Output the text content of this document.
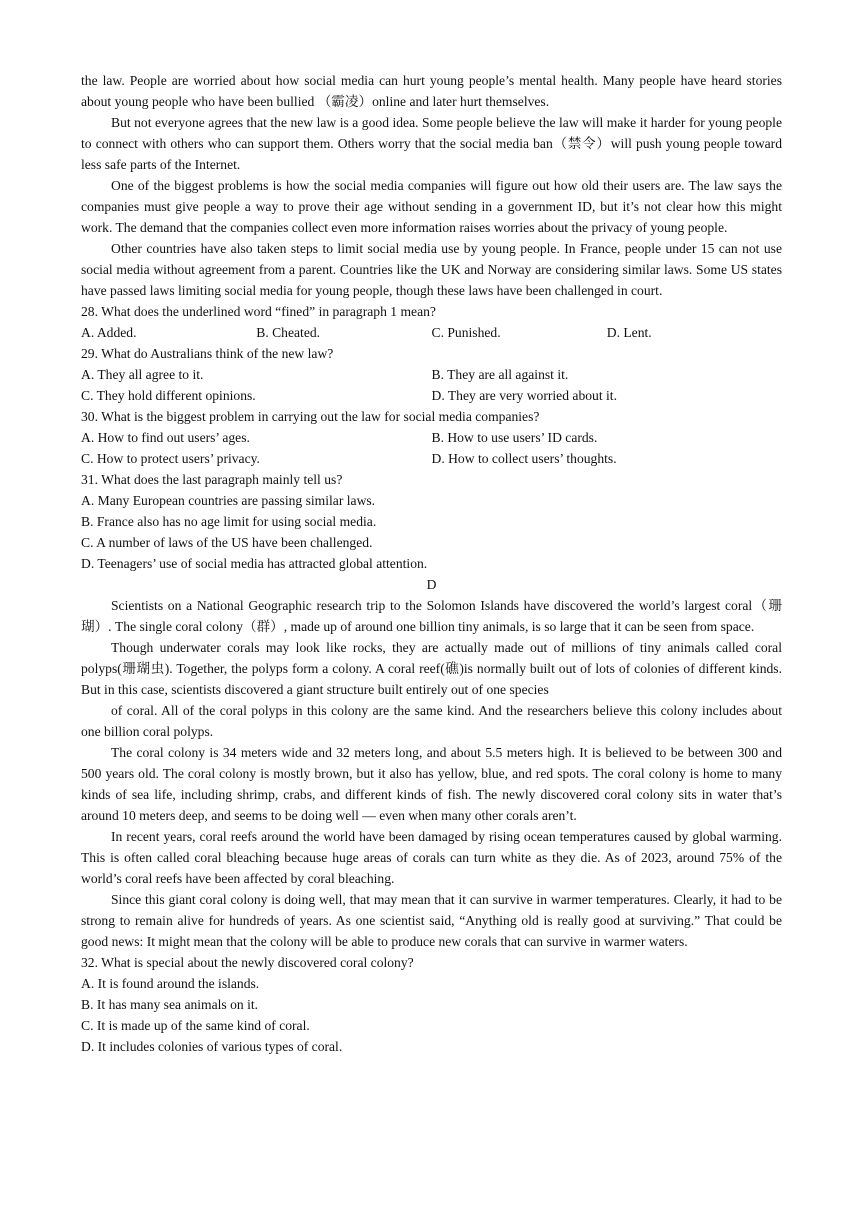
the law. People are worried about how social media can hurt young people’s mental health. Many people have heard stories about young people who have been bullied （霸凌）online and later hurt themselves.

But not everyone agrees that the new law is a good idea. Some people believe the law will make it harder for young people to connect with others who can support them. Others worry that the social media ban（禁令）will push young people toward less safe parts of the Internet.

One of the biggest problems is how the social media companies will figure out how old their users are. The law says the companies must give people a way to prove their age without sending in a government ID, but it’s not clear how this might work. The demand that the companies collect even more information raises worries about the privacy of young people.

Other countries have also taken steps to limit social media use by young people. In France, people under 15 can not use social media without agreement from a parent. Countries like the UK and Norway are considering similar laws. Some US states have passed laws limiting social media for young people, though these laws have been challenged in court.

28. What does the underlined word “fined” in paragraph 1 mean?

A. Added.	B. Cheated.	C. Punished.	D. Lent.

29. What do Australians think of the new law?

A. They all agree to it.	B. They are all against it.
C. They hold different opinions.	D. They are very worried about it.

30. What is the biggest problem in carrying out the law for social media companies?

A. How to find out users’ ages.	B. How to use users’ ID cards.
C. How to protect users’ privacy.	D. How to collect users’ thoughts.

31. What does the last paragraph mainly tell us?

A. Many European countries are passing similar laws.

B. France also has no age limit for using social media.

C. A number of laws of the US have been challenged.

D. Teenagers’ use of social media has attracted global attention.

D

Scientists on a National Geographic research trip to the Solomon Islands have discovered the world’s largest coral（珊瑚）. The single coral colony（群）, made up of around one billion tiny animals, is so large that it can be seen from space.

Though underwater corals may look like rocks, they are actually made out of millions of tiny animals called coral polyps(珊瑚虫). Together, the polyps form a colony. A coral reef(礁)is normally built out of lots of colonies of different kinds. But in this case, scientists discovered a giant structure built entirely out of one species

of coral. All of the coral polyps in this colony are the same kind. And the researchers believe this colony includes about one billion coral polyps.

The coral colony is 34 meters wide and 32 meters long, and about 5.5 meters high. It is believed to be between 300 and 500 years old. The coral colony is mostly brown, but it also has yellow, blue, and red spots. The coral colony is home to many kinds of sea life, including shrimp, crabs, and different kinds of fish. The newly discovered coral colony sits in water that’s around 10 meters deep, and seems to be doing well — even when many other corals aren’t.

In recent years, coral reefs around the world have been damaged by rising ocean temperatures caused by global warming. This is often called coral bleaching because huge areas of corals can turn white as they die. As of 2023, around 75% of the world’s coral reefs have been affected by coral bleaching.

Since this giant coral colony is doing well, that may mean that it can survive in warmer temperatures. Clearly, it had to be strong to remain alive for hundreds of years. As one scientist said, “Anything old is really good at surviving.” That could be good news: It might mean that the colony will be able to produce new corals that can survive in warmer waters.

32. What is special about the newly discovered coral colony?

A. It is found around the islands.

B. It has many sea animals on it.

C. It is made up of the same kind of coral.

D. It includes colonies of various types of coral.
